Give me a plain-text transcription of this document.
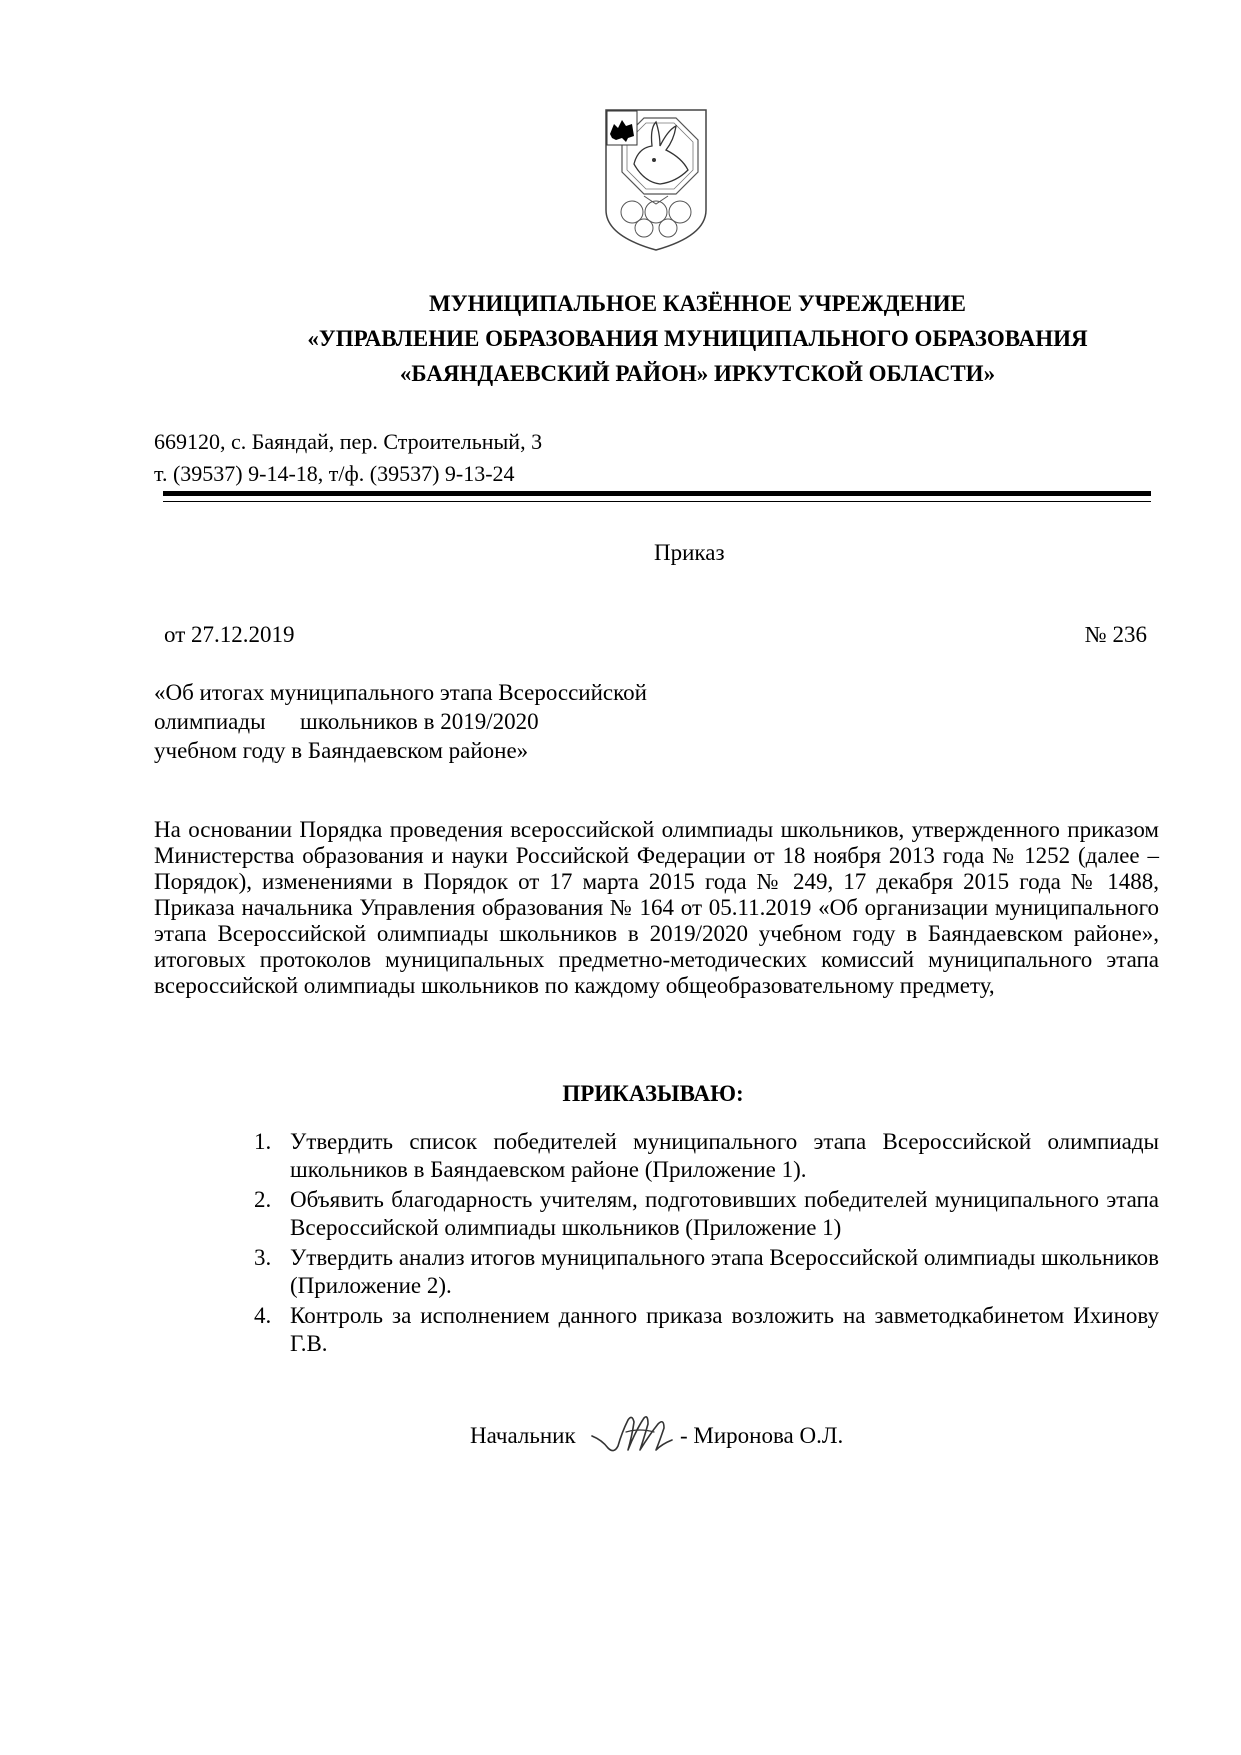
МУНИЦИПАЛЬНОЕ КАЗЁННОЕ УЧРЕЖДЕНИЕ
«УПРАВЛЕНИЕ ОБРАЗОВАНИЯ МУНИЦИПАЛЬНОГО ОБРАЗОВАНИЯ
«БАЯНДАЕВСКИЙ РАЙОН» ИРКУТСКОЙ ОБЛАСТИ»
669120, с. Баяндай, пер. Строительный, 3
т. (39537) 9-14-18, т/ф. (39537) 9-13-24
Приказ
от 27.12.2019	№ 236
«Об итогах муниципального этапа Всероссийской
олимпиады      школьников в 2019/2020
учебном году в Баяндаевском районе»
На основании Порядка проведения всероссийской олимпиады школьников, утвержденного приказом Министерства образования и науки Российской Федерации от 18 ноября 2013 года № 1252 (далее – Порядок), изменениями в Порядок от 17 марта 2015 года № 249, 17 декабря 2015 года № 1488, Приказа начальника Управления образования № 164 от 05.11.2019 «Об организации муниципального этапа Всероссийской олимпиады школьников в 2019/2020 учебном году в Баяндаевском районе», итоговых протоколов муниципальных предметно-методических комиссий муниципального этапа всероссийской олимпиады школьников по каждому общеобразовательному предмету,
ПРИКАЗЫВАЮ:
1. Утвердить список победителей муниципального этапа Всероссийской олимпиады школьников в Баяндаевском районе (Приложение 1).
2. Объявить благодарность учителям, подготовивших победителей муниципального этапа Всероссийской олимпиады школьников (Приложение 1)
3. Утвердить анализ итогов муниципального этапа Всероссийской олимпиады школьников (Приложение 2).
4. Контроль за исполнением данного приказа возложить на завметодкабинетом Ихинову Г.В.
Начальник	- Миронова О.Л.
